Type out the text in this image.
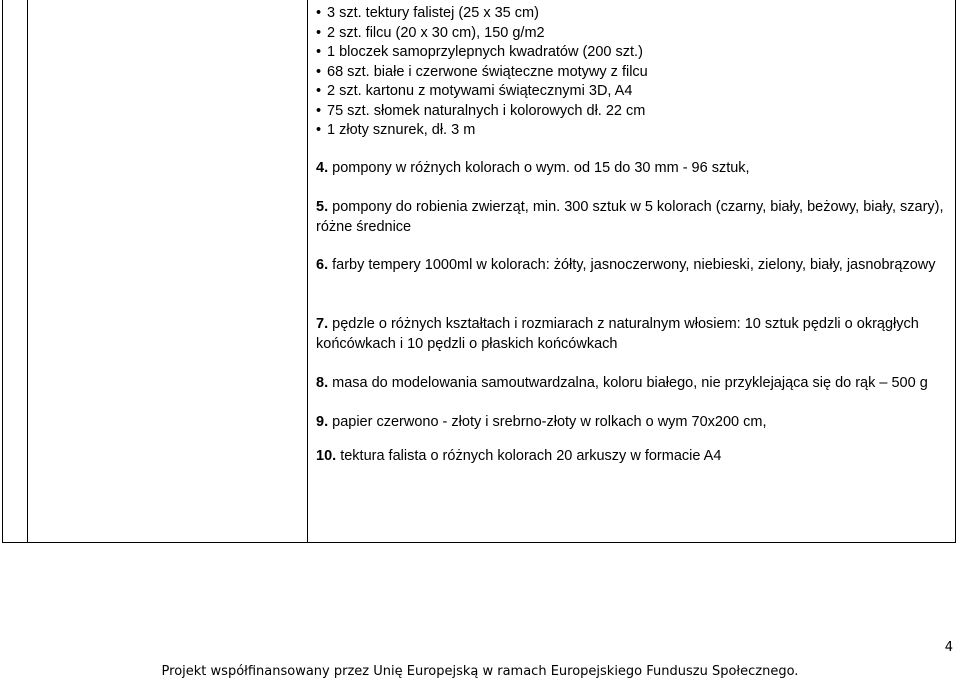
• 3 szt. tektury falistej (25 x 35 cm)
• 2 szt. filcu (20 x 30 cm), 150 g/m2
• 1 bloczek samoprzylepnych kwadratów (200 szt.)
• 68 szt. białe i czerwone świąteczne motywy z filcu
• 2 szt. kartonu z motywami świątecznymi 3D, A4
• 75 szt. słomek naturalnych i kolorowych dł. 22 cm
• 1 złoty sznurek, dł. 3 m
4. pompony w różnych kolorach o wym. od 15 do 30 mm - 96 sztuk,
5. pompony do robienia zwierząt, min. 300 sztuk w 5 kolorach (czarny, biały, beżowy, biały, szary), różne średnice
6. farby tempery 1000ml w kolorach: żółty, jasnoczerwony, niebieski, zielony, biały, jasnobrązowy
7. pędzle o różnych kształtach i rozmiarach z naturalnym włosiem: 10 sztuk pędzli o okrągłych końcówkach i 10 pędzli o płaskich końcówkach
8. masa do modelowania samoutwardzalna, koloru białego, nie przyklejająca się do rąk – 500 g
9. papier czerwono - złoty i srebrno-złoty w rolkach o wym 70x200 cm,
10. tektura falista o różnych kolorach 20 arkuszy w formacie A4
4
Projekt współfinansowany przez Unię Europejską w ramach Europejskiego Funduszu Społecznego.
